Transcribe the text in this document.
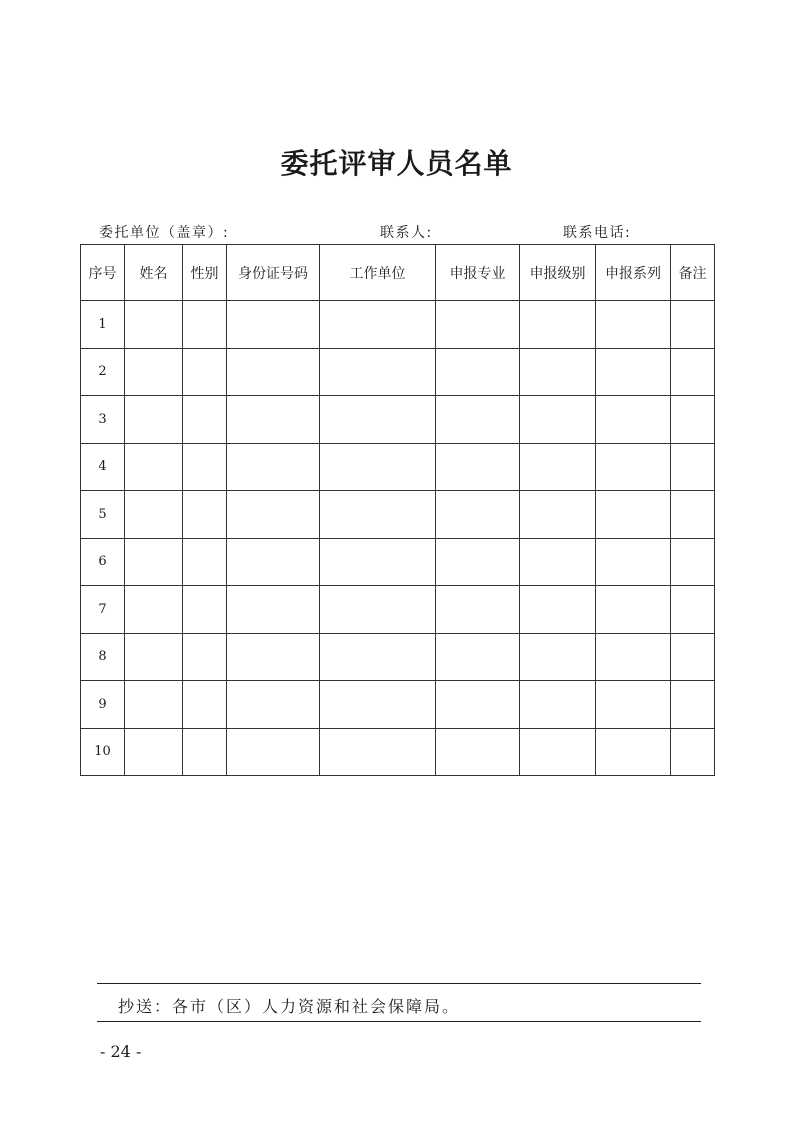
委托评审人员名单
委托单位（盖章）:	联系人:	联系电话:
序号	姓名	性别	身份证号码	工作单位	申报专业	申报级别	申报系列	备注
1								
2								
3								
4								
5								
6								
7								
8								
9								
10								
抄送：各市（区）人力资源和社会保障局。
- 24 -
